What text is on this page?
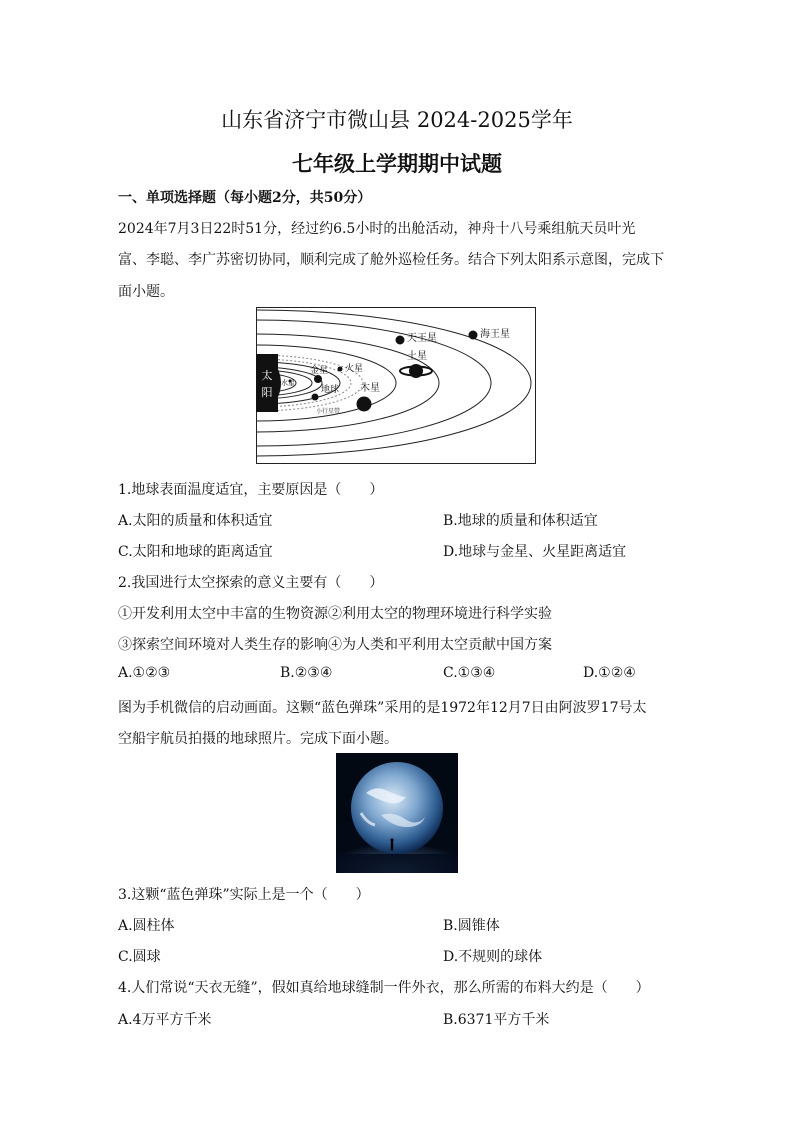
山东省济宁市微山县 2024-2025学年
七年级上学期期中试题
一、单项选择题（每小题2分，共50分）
2024年7月3日22时51分，经过约6.5小时的出舱活动，神舟十八号乘组航天员叶光
富、李聪、李广苏密切协同，顺利完成了舱外巡检任务。结合下列太阳系示意图，完成下
面小题。
太
阳
水星
金星
地球
火星
小行星带
木星
土星
天王星	海王星
1.地球表面温度适宜，主要原因是（　　）
A.太阳的质量和体积适宜	B.地球的质量和体积适宜
C.太阳和地球的距离适宜	D.地球与金星、火星距离适宜
2.我国进行太空探索的意义主要有（　　）
①开发利用太空中丰富的生物资源②利用太空的物理环境进行科学实验
③探索空间环境对人类生存的影响④为人类和平利用太空贡献中国方案
A.①②③	B.②③④	C.①③④	D.①②④
图为手机微信的启动画面。这颗“蓝色弹珠”采用的是1972年12月7日由阿波罗17号太
空船宇航员拍摄的地球照片。完成下面小题。
3.这颗“蓝色弹珠”实际上是一个（　　）
A.圆柱体	B.圆锥体
C.圆球	D.不规则的球体
4.人们常说“天衣无缝”，假如真给地球缝制一件外衣，那么所需的布料大约是（　　）
A.4万平方千米	B.6371平方千米
